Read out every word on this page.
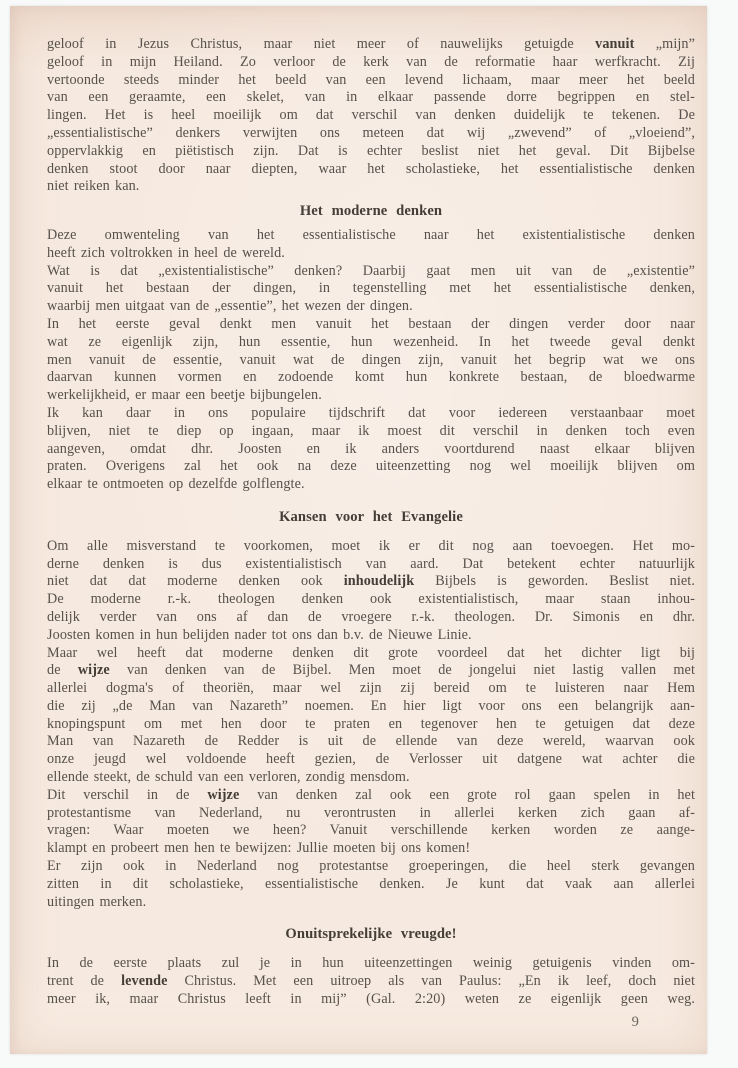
geloof in Jezus Christus, maar niet meer of nauwelijks getuigde vanuit „mijn”
geloof in mijn Heiland. Zo verloor de kerk van de reformatie haar werfkracht. Zij
vertoonde steeds minder het beeld van een levend lichaam, maar meer het beeld
van een geraamte, een skelet, van in elkaar passende dorre begrippen en stel-
lingen. Het is heel moeilijk om dat verschil van denken duidelijk te tekenen. De
„essentialistische” denkers verwijten ons meteen dat wij „zwevend” of „vloeiend”,
oppervlakkig en piëtistisch zijn. Dat is echter beslist niet het geval. Dit Bijbelse
denken stoot door naar diepten, waar het scholastieke, het essentialistische denken
niet reiken kan.
Het moderne denken
Deze omwenteling van het essentialistische naar het existentialistische denken
heeft zich voltrokken in heel de wereld.
Wat is dat „existentialistische” denken? Daarbij gaat men uit van de „existentie”
vanuit het bestaan der dingen, in tegenstelling met het essentialistische denken,
waarbij men uitgaat van de „essentie”, het wezen der dingen.
In het eerste geval denkt men vanuit het bestaan der dingen verder door naar
wat ze eigenlijk zijn, hun essentie, hun wezenheid. In het tweede geval denkt
men vanuit de essentie, vanuit wat de dingen zijn, vanuit het begrip wat we ons
daarvan kunnen vormen en zodoende komt hun konkrete bestaan, de bloedwarme
werkelijkheid, er maar een beetje bijbungelen.
Ik kan daar in ons populaire tijdschrift dat voor iedereen verstaanbaar moet
blijven, niet te diep op ingaan, maar ik moest dit verschil in denken toch even
aangeven, omdat dhr. Joosten en ik anders voortdurend naast elkaar blijven
praten. Overigens zal het ook na deze uiteenzetting nog wel moeilijk blijven om
elkaar te ontmoeten op dezelfde golflengte.
Kansen voor het Evangelie
Om alle misverstand te voorkomen, moet ik er dit nog aan toevoegen. Het mo-
derne denken is dus existentialistisch van aard. Dat betekent echter natuurlijk
niet dat dat moderne denken ook inhoudelijk Bijbels is geworden. Beslist niet.
De moderne r.-k. theologen denken ook existentialistisch, maar staan inhou-
delijk verder van ons af dan de vroegere r.-k. theologen. Dr. Simonis en dhr.
Joosten komen in hun belijden nader tot ons dan b.v. de Nieuwe Linie.
Maar wel heeft dat moderne denken dit grote voordeel dat het dichter ligt bij
de wijze van denken van de Bijbel. Men moet de jongelui niet lastig vallen met
allerlei dogma's of theoriën, maar wel zijn zij bereid om te luisteren naar Hem
die zij „de Man van Nazareth” noemen. En hier ligt voor ons een belangrijk aan-
knopingspunt om met hen door te praten en tegenover hen te getuigen dat deze
Man van Nazareth de Redder is uit de ellende van deze wereld, waarvan ook
onze jeugd wel voldoende heeft gezien, de Verlosser uit datgene wat achter die
ellende steekt, de schuld van een verloren, zondig mensdom.
Dit verschil in de wijze van denken zal ook een grote rol gaan spelen in het
protestantisme van Nederland, nu verontrusten in allerlei kerken zich gaan af-
vragen: Waar moeten we heen? Vanuit verschillende kerken worden ze aange-
klampt en probeert men hen te bewijzen: Jullie moeten bij ons komen!
Er zijn ook in Nederland nog protestantse groeperingen, die heel sterk gevangen
zitten in dit scholastieke, essentialistische denken. Je kunt dat vaak aan allerlei
uitingen merken.
Onuitsprekelijke vreugde!
In de eerste plaats zul je in hun uiteenzettingen weinig getuigenis vinden om-
trent de levende Christus. Met een uitroep als van Paulus: „En ik leef, doch niet
meer ik, maar Christus leeft in mij” (Gal. 2:20) weten ze eigenlijk geen weg.
9
